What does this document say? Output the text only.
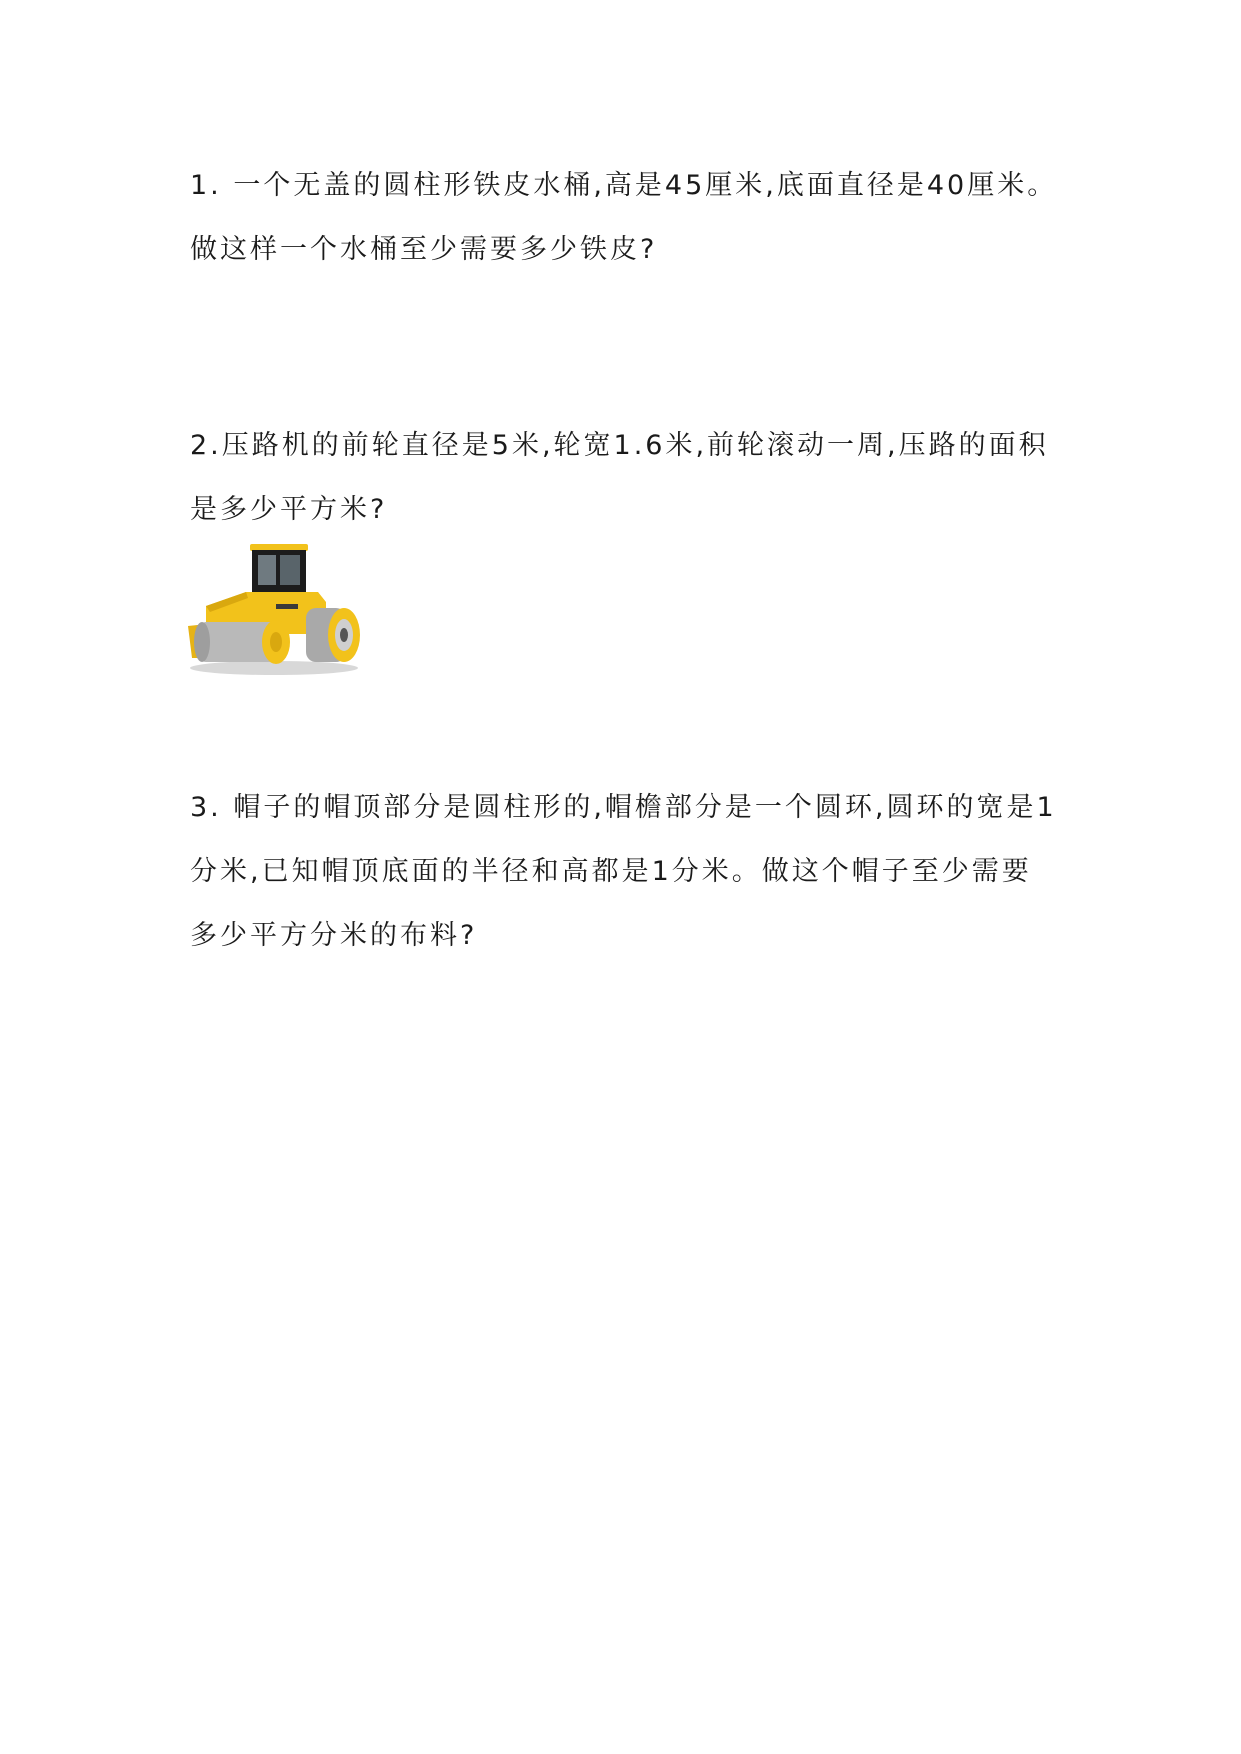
1. 一个无盖的圆柱形铁皮水桶,高是45厘米,底面直径是40厘米。做这样一个水桶至少需要多少铁皮?

2.压路机的前轮直径是5米,轮宽1.6米,前轮滚动一周,压路的面积是多少平方米?

3. 帽子的帽顶部分是圆柱形的,帽檐部分是一个圆环,圆环的宽是1分米,已知帽顶底面的半径和高都是1分米。做这个帽子至少需要多少平方分米的布料?
